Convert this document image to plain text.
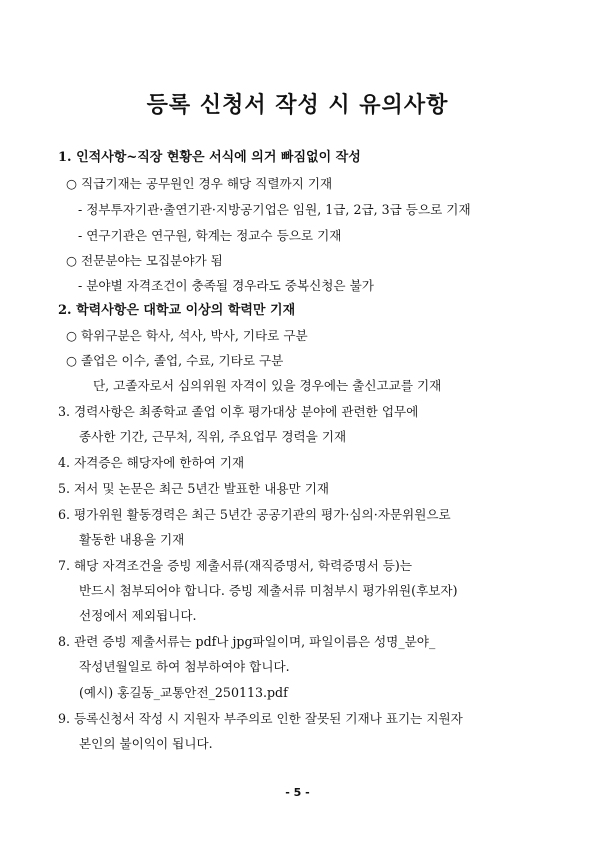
등록 신청서 작성 시 유의사항
1. 인적사항~직장 현황은 서식에 의거 빠짐없이 작성
○ 직급기재는 공무원인 경우 해당 직렬까지 기재
- 정부투자기관·출연기관·지방공기업은 임원, 1급, 2급, 3급 등으로 기재
- 연구기관은 연구원, 학계는 정교수 등으로 기재
○ 전문분야는 모집분야가 됨
- 분야별 자격조건이 충족될 경우라도 중복신청은 불가
2. 학력사항은 대학교 이상의 학력만 기재
○ 학위구분은 학사, 석사, 박사, 기타로 구분
○ 졸업은 이수, 졸업, 수료, 기타로 구분
단, 고졸자로서 심의위원 자격이 있을 경우에는 출신고교를 기재
3. 경력사항은 최종학교 졸업 이후 평가대상 분야에 관련한 업무에
종사한 기간, 근무처, 직위, 주요업무 경력을 기재
4. 자격증은 해당자에 한하여 기재
5. 저서 및 논문은 최근 5년간 발표한 내용만 기재
6. 평가위원 활동경력은 최근 5년간 공공기관의 평가·심의·자문위원으로
활동한 내용을 기재
7. 해당 자격조건을 증빙 제출서류(재직증명서, 학력증명서 등)는
반드시 첨부되어야 합니다. 증빙 제출서류 미첨부시 평가위원(후보자)
선정에서 제외됩니다.
8. 관련 증빙 제출서류는 pdf나 jpg파일이며, 파일이름은 성명_분야_
작성년월일로 하여 첨부하여야 합니다.
(예시) 홍길동_교통안전_250113.pdf
9. 등록신청서 작성 시 지원자 부주의로 인한 잘못된 기재나 표기는 지원자
본인의 불이익이 됩니다.
- 5 -
